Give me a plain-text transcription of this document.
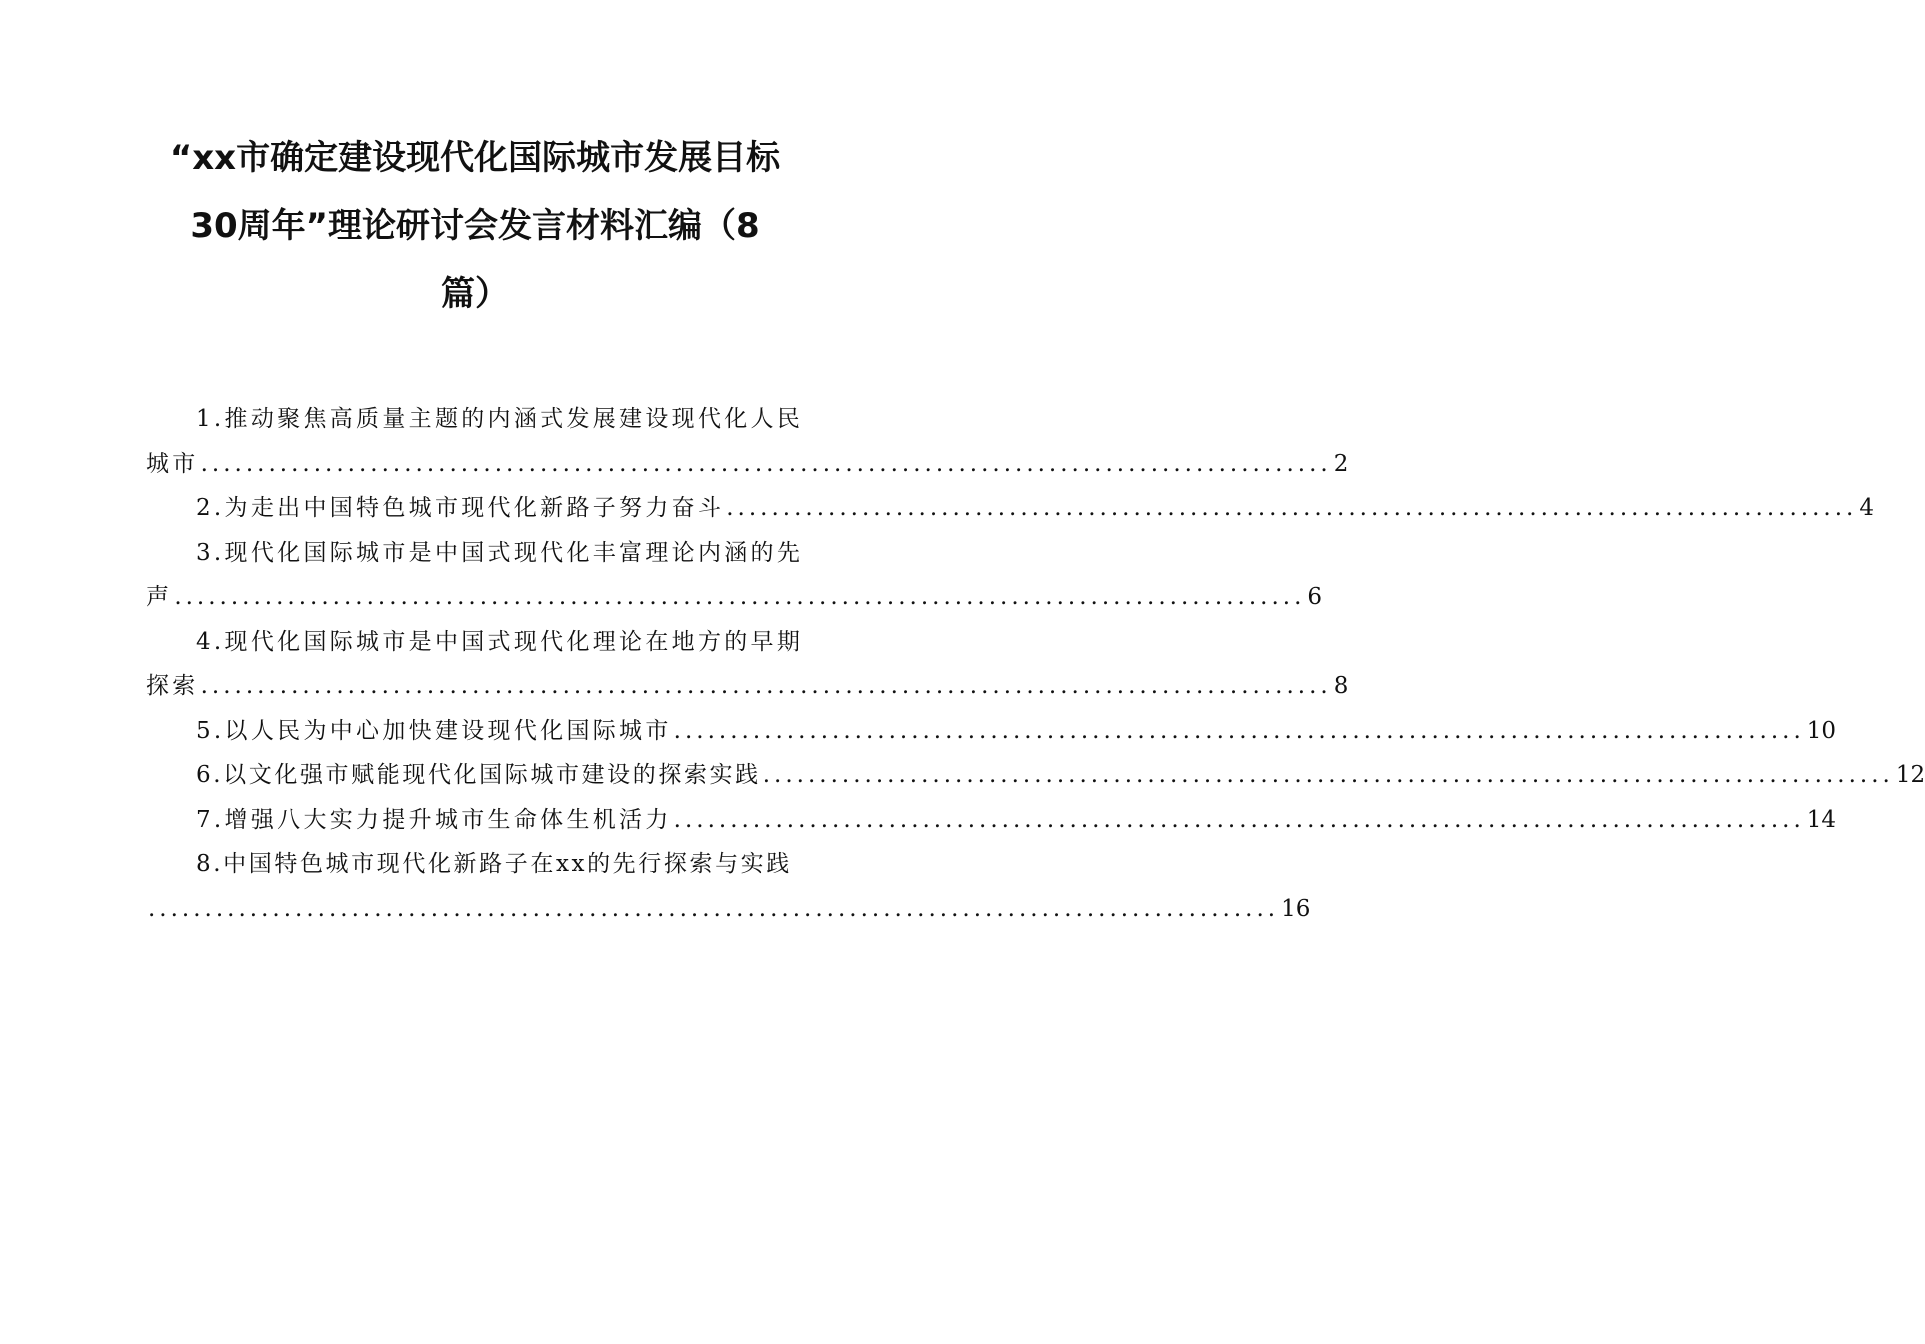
“xx市确定建设现代化国际城市发展目标
30周年”理论研讨会发言材料汇编（8
篇）
1.推动聚焦高质量主题的内涵式发展建设现代化人民
城市 .................................................................................................... 2
2.为走出中国特色城市现代化新路子努力奋斗 .................................................................................................... 4
3.现代化国际城市是中国式现代化丰富理论内涵的先
声 .................................................................................................... 6
4.现代化国际城市是中国式现代化理论在地方的早期
探索 .................................................................................................... 8
5.以人民为中心加快建设现代化国际城市 .................................................................................................... 10
6.以文化强市赋能现代化国际城市建设的探索实践 .................................................................................................... 12
7.增强八大实力提升城市生命体生机活力 .................................................................................................... 14
8.中国特色城市现代化新路子在xx的先行探索与实践
.................................................................................................... 16
